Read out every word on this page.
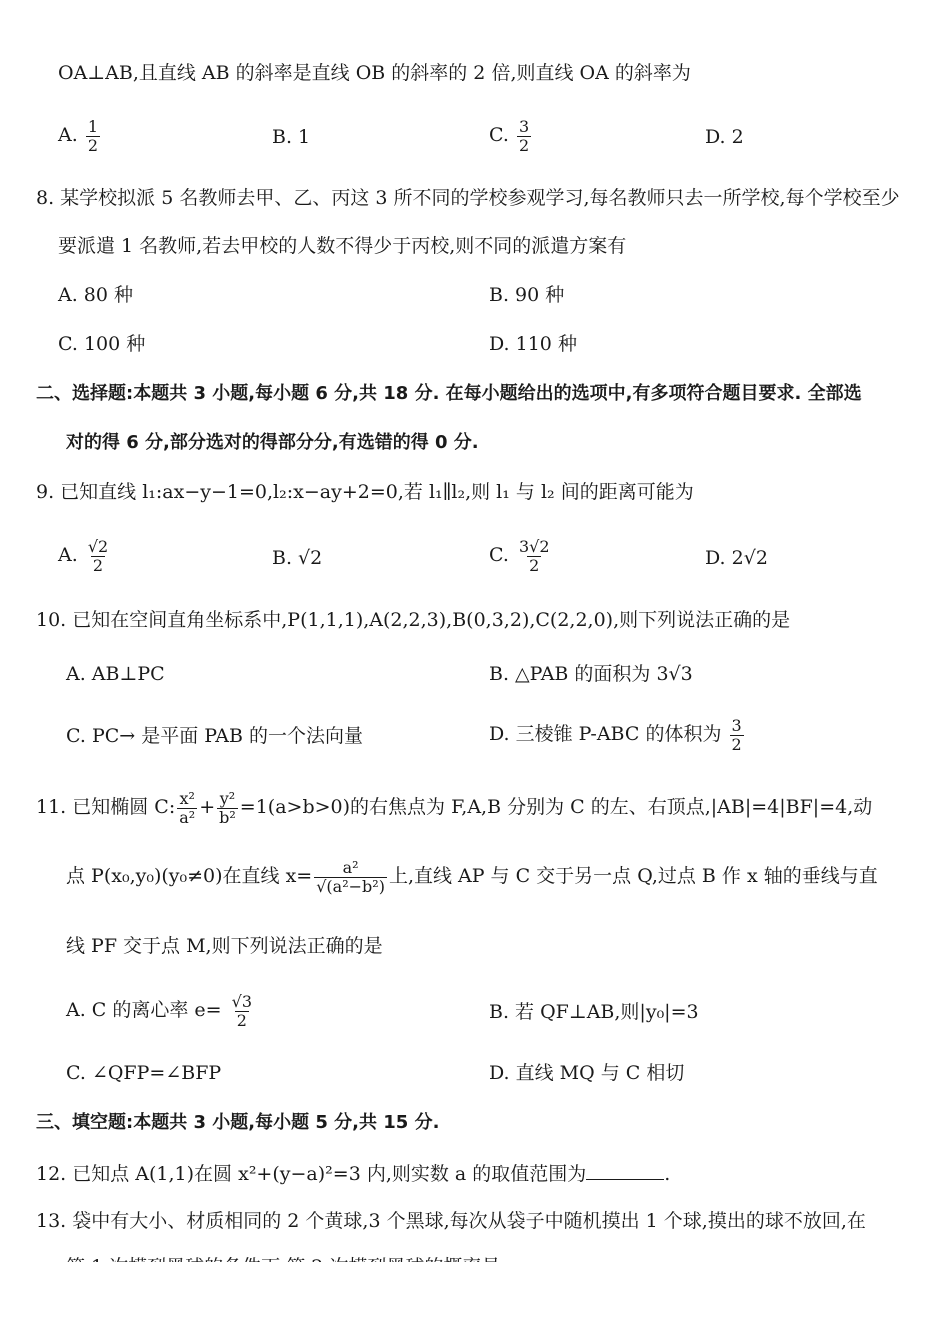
OA⊥AB,且直线 AB 的斜率是直线 OB 的斜率的 2 倍,则直线 OA 的斜率为
A. $\frac{1}{2}$	B. 1	C. $\frac{3}{2}$	D. 2
8. 某学校拟派 5 名教师去甲、乙、丙这 3 所不同的学校参观学习,每名教师只去一所学校,每个学校至少
要派遣 1 名教师,若去甲校的人数不得少于丙校,则不同的派遣方案有
A. 80 种	B. 90 种
C. 100 种	D. 110 种
二、选择题:本题共 3 小题,每小题 6 分,共 18 分. 在每小题给出的选项中,有多项符合题目要求. 全部选
对的得 6 分,部分选对的得部分分,有选错的得 0 分.
9. 已知直线 l₁:ax−y−1=0,l₂:x−ay+2=0,若 l₁∥l₂,则 l₁ 与 l₂ 间的距离可能为
A. $\frac{√2}{2}$	B. √2	C. $\frac{3√2}{2}$	D. 2√2
10. 已知在空间直角坐标系中,P(1,1,1),A(2,2,3),B(0,3,2),C(2,2,0),则下列说法正确的是
A. AB⊥PC	B. △PAB 的面积为 3√3
C. PC→ 是平面 PAB 的一个法向量	D. 三棱锥 P-ABC 的体积为 $\frac{3}{2}$
11. 已知椭圆 C: $\frac{\text{x²}}{\text{a²}} + \frac{\text{y²}}{\text{b²}} =1(a>b>0)$的右焦点为 F,A,B 分别为 C 的左、右顶点,|AB|=4|BF|=4,动
点 P(x₀,y₀)(y₀≠0)在直线 $x= \frac{\text{a²}}{\text{√(a²−b²)}}$ 上,直线 AP 与 C 交于另一点 Q,过点 B 作 x 轴的垂线与直
线 PF 交于点 M,则下列说法正确的是
A. C 的离心率 $e= \frac{√3}{2}$	B. 若 QF⊥AB,则|y₀|=3
C. ∠QFP=∠BFP	D. 直线 MQ 与 C 相切
三、填空题:本题共 3 小题,每小题 5 分,共 15 分.
12. 已知点 A(1,1)在圆 x²+(y−a)²=3 内,则实数 a 的取值范围为	.
13. 袋中有大小、材质相同的 2 个黄球,3 个黑球,每次从袋子中随机摸出 1 个球,摸出的球不放回,在
